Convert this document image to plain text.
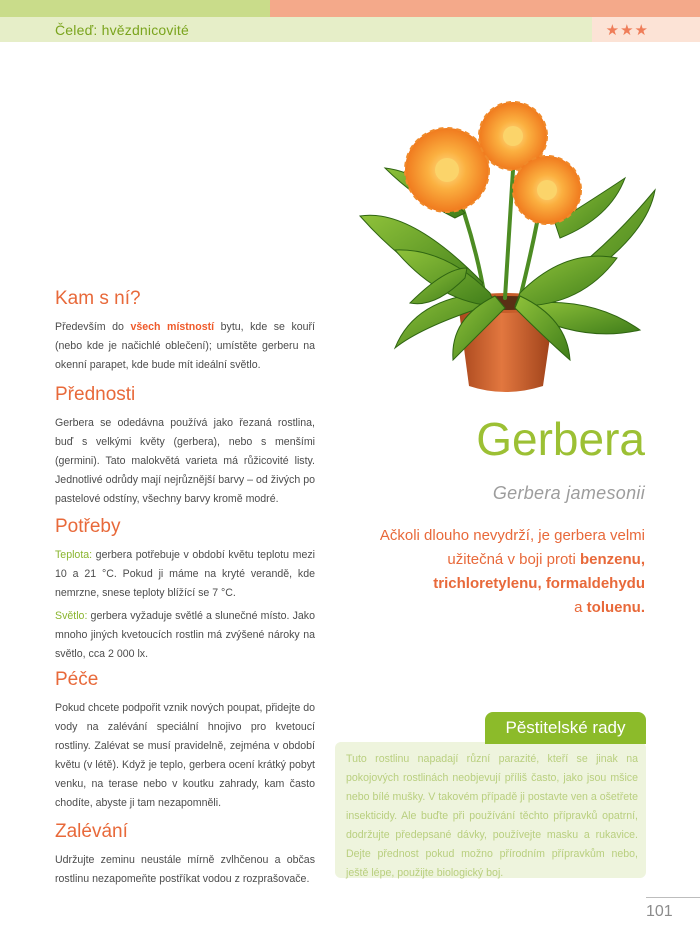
Čeleď: hvězdnicovité	★★★
Kam s ní?

Především do všech místností bytu, kde se kouří (nebo kde je načichlé oblečení); umístěte gerberu na okenní parapet, kde bude mít ideální světlo.

Přednosti

Gerbera se odedávna používá jako řezaná rostlina, buď s velkými květy (gerbera), nebo s menšími (germini). Tato malokvětá varieta má růžicovité listy. Jednotlivé odrůdy mají nejrůznější barvy – od živých po pastelové odstíny, všechny barvy kromě modré.

Potřeby

Teplota: gerbera potřebuje v období květu teplotu mezi 10 a 21 °C. Pokud ji máme na kryté verandě, kde nemrzne, snese teploty blížící se 7 °C.

Světlo: gerbera vyžaduje světlé a slunečné místo. Jako mnoho jiných kvetoucích rostlin má zvýšené nároky na světlo, cca 2 000 lx.

Péče

Pokud chcete podpořit vznik nových poupat, přidejte do vody na zalévání speciální hnojivo pro kvetoucí rostliny. Zalévat se musí pravidelně, zejména v období květu (v létě). Když je teplo, gerbera ocení krátký pobyt venku, na terase nebo v koutku zahrady, kam často chodíte, abyste ji tam nezapomněli.

Zalévání

Udržujte zeminu neustále mírně zvlhčenou a občas rostlinu nezapomeňte postříkat vodou z rozprašovače.

Gerbera
Gerbera jamesonii
Ačkoli dlouho nevydrží, je gerbera velmi užitečná v boji proti benzenu,
trichloretylenu, formaldehydu
a toluenu.
Pěstitelské rady
Tuto rostlinu napadají různí parazité, kteří se jinak na pokojových rostlinách neobjevují příliš často, jako jsou mšice nebo bílé mušky. V takovém případě ji postavte ven a ošetřete insekticidy. Ale buďte při používání těchto přípravků opatrní, dodržujte předepsané dávky, používejte masku a rukavice. Dejte přednost pokud možno přírodním přípravkům nebo, ještě lépe, použijte biologický boj.
101
